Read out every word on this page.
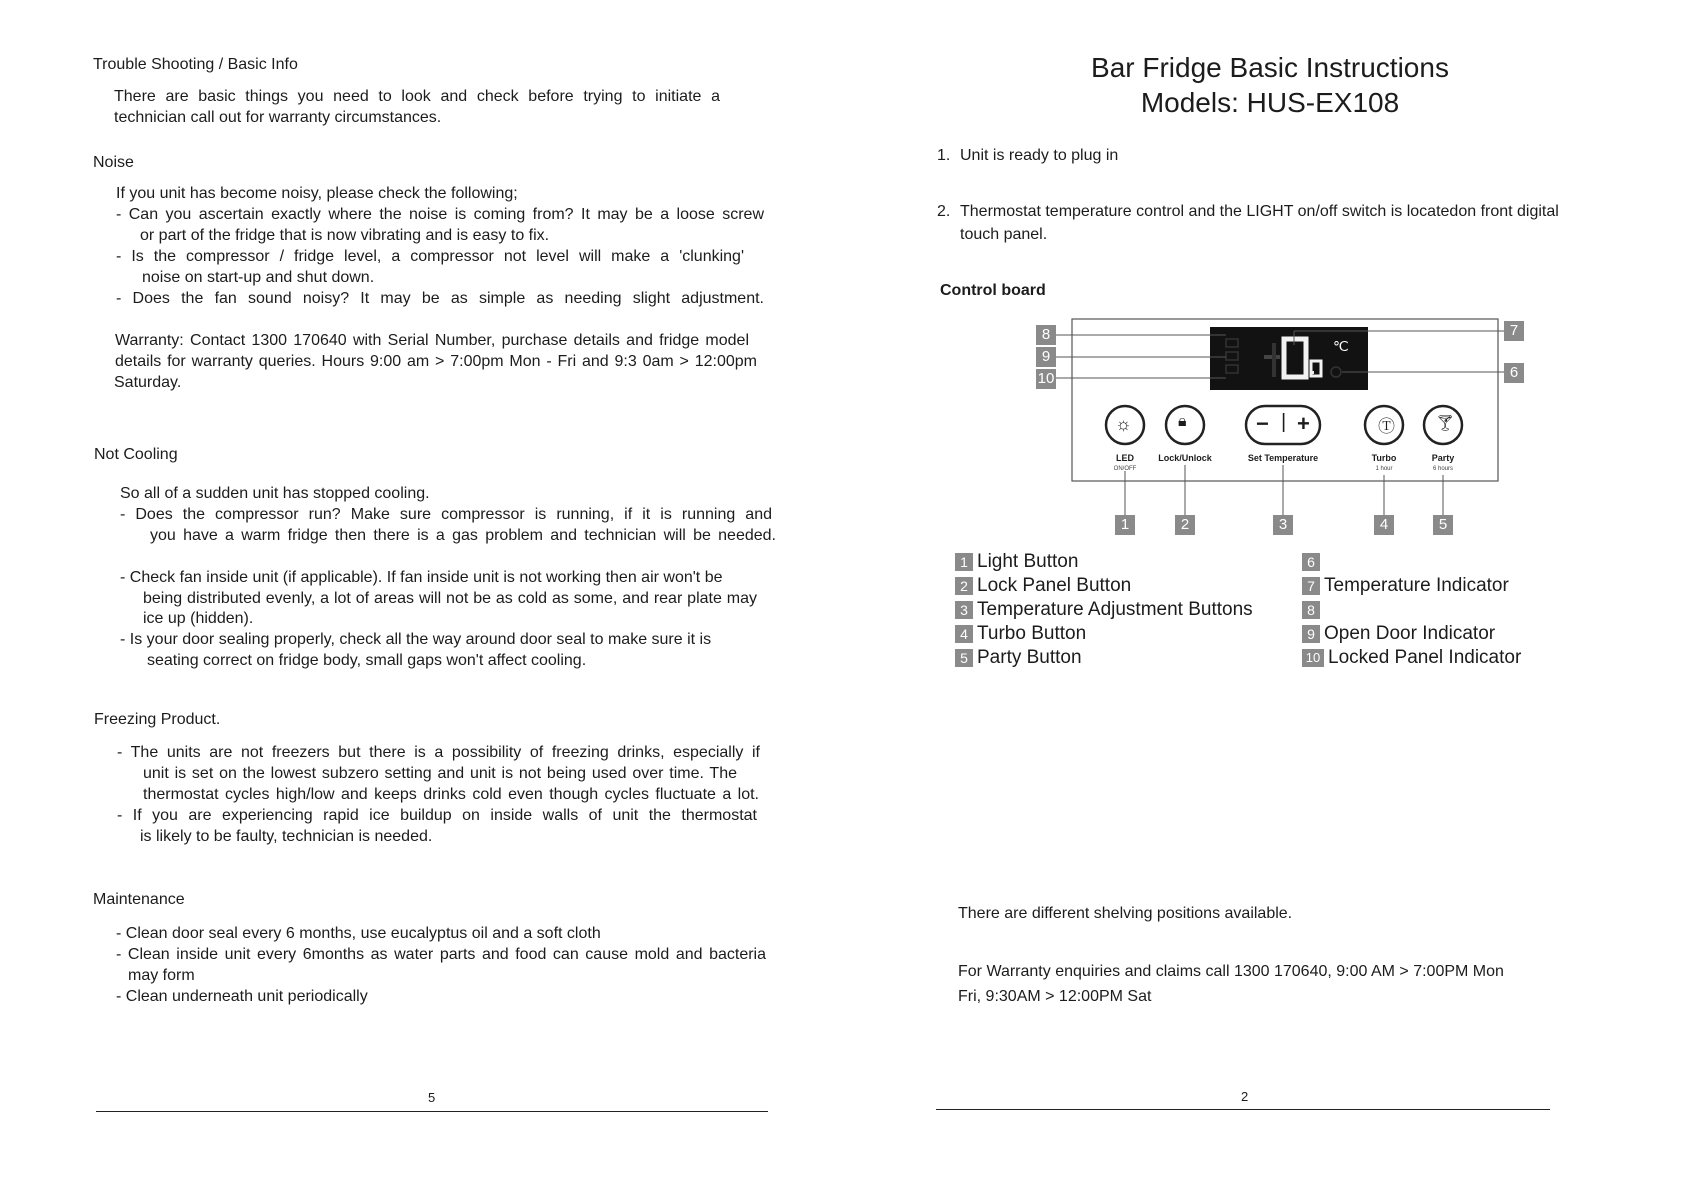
Trouble Shooting / Basic Info
There are basic things you need to look and check before trying to initiate a
technician call out for warranty circumstances.
Noise
If you unit has become noisy, please check the following;
- Can you ascertain exactly where the noise is coming from? It may be a loose screw
or part of the fridge that is now vibrating and is easy to fix.
- Is the compressor / fridge level, a compressor not level will make a 'clunking'
noise on start-up and shut down.
- Does the fan sound noisy? It may be as simple as needing slight adjustment.
Warranty: Contact 1300 170640 with Serial Number, purchase details and fridge model
details for warranty queries. Hours 9:00 am > 7:00pm Mon - Fri and 9:3 0am > 12:00pm
Saturday.
Not Cooling
So all of a sudden unit has stopped cooling.
- Does the compressor run? Make sure compressor is running, if it is running and
you have a warm fridge then there is a gas problem and technician will be needed.
- Check fan inside unit (if applicable). If fan inside unit is not working then air won't be
being distributed evenly, a lot of areas will not be as cold as some, and rear plate may
ice up (hidden).
- Is your door sealing properly, check all the way around door seal to make sure it is
seating correct on fridge body, small gaps won't affect cooling.
Freezing Product.
- The units are not freezers but there is a possibility of freezing drinks, especially if
unit is set on the lowest subzero setting and unit is not being used over time. The
thermostat cycles high/low and keeps drinks cold even though cycles fluctuate a lot.
- If you are experiencing rapid ice buildup on inside walls of unit the thermostat
is likely to be faulty, technician is needed.
Maintenance
- Clean door seal every 6 months, use eucalyptus oil and a soft cloth
- Clean inside unit every 6months as water parts and food can cause mold and bacteria
may form
- Clean underneath unit periodically
5
Bar Fridge Basic Instructions
Models: HUS-EX108
1. Unit is ready to plug in
2. Thermostat temperature control and the LIGHT on/off switch is locatedon front digital
touch panel.
Control board
☼	🔒︎	− | +	Ⓣ	🍸︎
℃
LED
ON/OFF
Lock/Unlock	Set Temperature	Turbo
1 hour
Party
6 hours
8
9
10
7
6
1	2	3	4	5
1 Light Button
2 Lock Panel Button
3 Temperature Adjustment Buttons
4 Turbo Button
5 Party Button
6
7 Temperature Indicator
8
9 Open Door Indicator
10 Locked Panel Indicator
There are different shelving positions available.
For Warranty enquiries and claims call 1300 170640, 9:00 AM > 7:00PM Mon
Fri, 9:30AM > 12:00PM Sat
2
